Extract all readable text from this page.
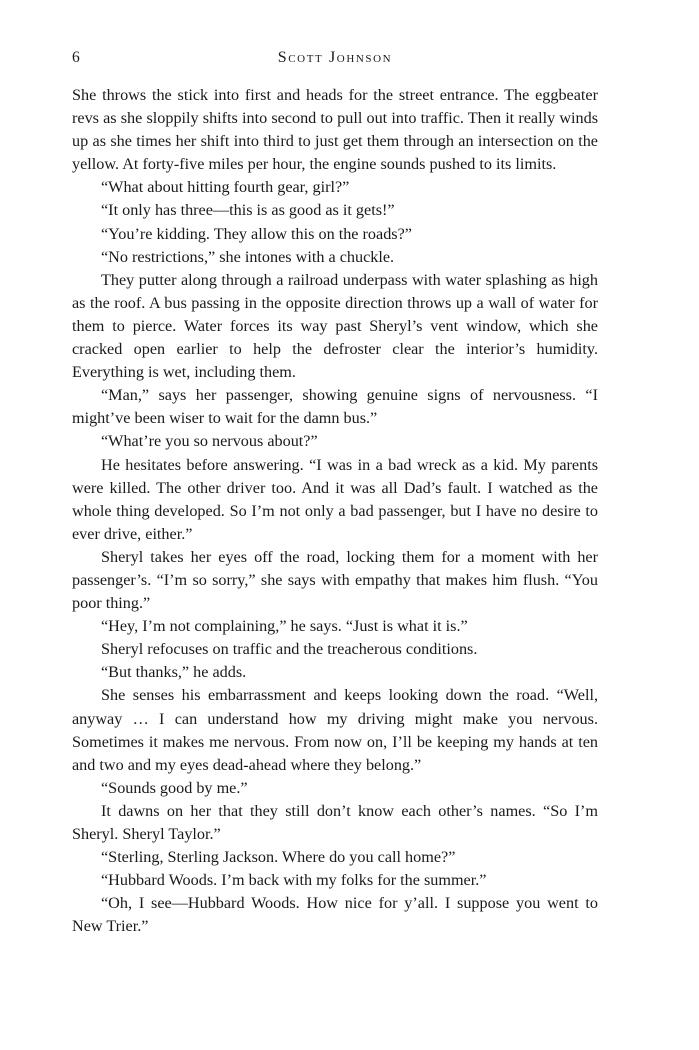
6	Scott Johnson

She throws the stick into first and heads for the street entrance. The eggbeater revs as she sloppily shifts into second to pull out into traffic. Then it really winds up as she times her shift into third to just get them through an intersection on the yellow. At forty-five miles per hour, the engine sounds pushed to its limits.

“What about hitting fourth gear, girl?”

“It only has three—this is as good as it gets!”

“You’re kidding. They allow this on the roads?”

“No restrictions,” she intones with a chuckle.

They putter along through a railroad underpass with water splashing as high as the roof. A bus passing in the opposite direction throws up a wall of water for them to pierce. Water forces its way past Sheryl’s vent window, which she cracked open earlier to help the defroster clear the interior’s humidity. Everything is wet, including them.

“Man,” says her passenger, showing genuine signs of nervousness. “I might’ve been wiser to wait for the damn bus.”

“What’re you so nervous about?”

He hesitates before answering. “I was in a bad wreck as a kid. My parents were killed. The other driver too. And it was all Dad’s fault. I watched as the whole thing developed. So I’m not only a bad passenger, but I have no desire to ever drive, either.”

Sheryl takes her eyes off the road, locking them for a moment with her passenger’s. “I’m so sorry,” she says with empathy that makes him flush. “You poor thing.”

“Hey, I’m not complaining,” he says. “Just is what it is.”

Sheryl refocuses on traffic and the treacherous conditions.

“But thanks,” he adds.

She senses his embarrassment and keeps looking down the road. “Well, anyway … I can understand how my driving might make you nervous. Sometimes it makes me nervous. From now on, I’ll be keeping my hands at ten and two and my eyes dead-ahead where they belong.”

“Sounds good by me.”

It dawns on her that they still don’t know each other’s names. “So I’m Sheryl. Sheryl Taylor.”

“Sterling, Sterling Jackson. Where do you call home?”

“Hubbard Woods. I’m back with my folks for the summer.”

“Oh, I see—Hubbard Woods. How nice for y’all. I suppose you went to New Trier.”
